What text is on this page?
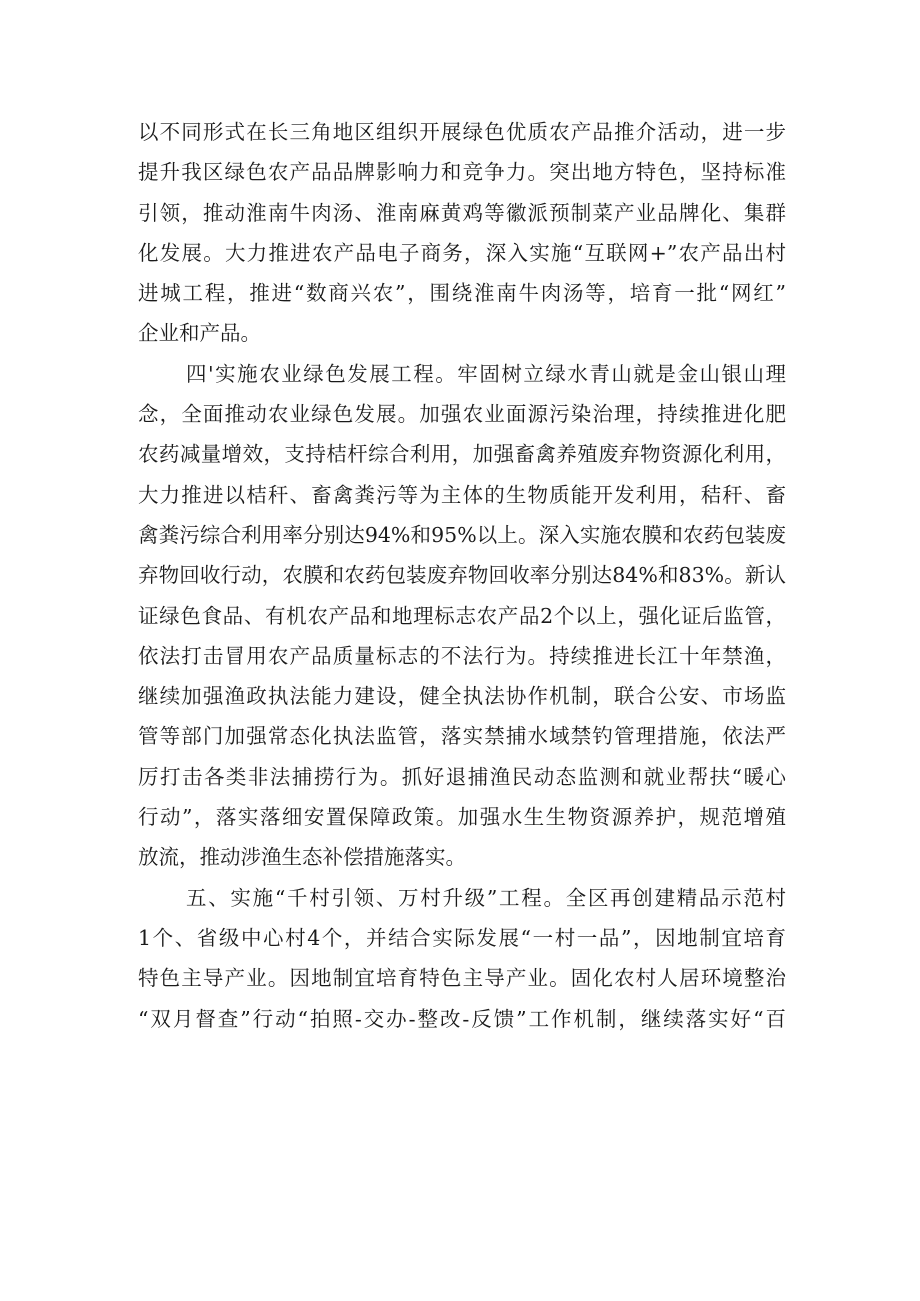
以不同形式在长三角地区组织开展绿色优质农产品推介活动，进一步
提升我区绿色农产品品牌影响力和竞争力。突出地方特色，坚持标准
引领，推动淮南牛肉汤、淮南麻黄鸡等徽派预制菜产业品牌化、集群
化发展。大力推进农产品电子商务，深入实施“互联网+”农产品出村
进城工程，推进“数商兴农”，围绕淮南牛肉汤等，培育一批“网红”
企业和产品。

四'实施农业绿色发展工程。牢固树立绿水青山就是金山银山理
念，全面推动农业绿色发展。加强农业面源污染治理，持续推进化肥
农药减量增效，支持桔杆综合利用，加强畜禽养殖废弃物资源化利用，
大力推进以桔秆、畜禽粪污等为主体的生物质能开发利用，秸秆、畜
禽粪污综合利用率分别达94%和95%以上。深入实施农膜和农药包装废
弃物回收行动，农膜和农药包装废弃物回收率分别达84%和83%。新认
证绿色食品、有机农产品和地理标志农产品2个以上，强化证后监管，
依法打击冒用农产品质量标志的不法行为。持续推进长江十年禁渔，
继续加强渔政执法能力建设，健全执法协作机制，联合公安、市场监
管等部门加强常态化执法监管，落实禁捕水域禁钓管理措施，依法严
厉打击各类非法捕捞行为。抓好退捕渔民动态监测和就业帮扶“暖心
行动”，落实落细安置保障政策。加强水生生物资源养护，规范增殖
放流，推动涉渔生态补偿措施落实。

五、实施“千村引领、万村升级”工程。全区再创建精品示范村
1个、省级中心村4个，并结合实际发展“一村一品”，因地制宜培育
特色主导产业。因地制宜培育特色主导产业。固化农村人居环境整治
“双月督查”行动“拍照-交办-整改-反馈”工作机制，继续落实好“百
